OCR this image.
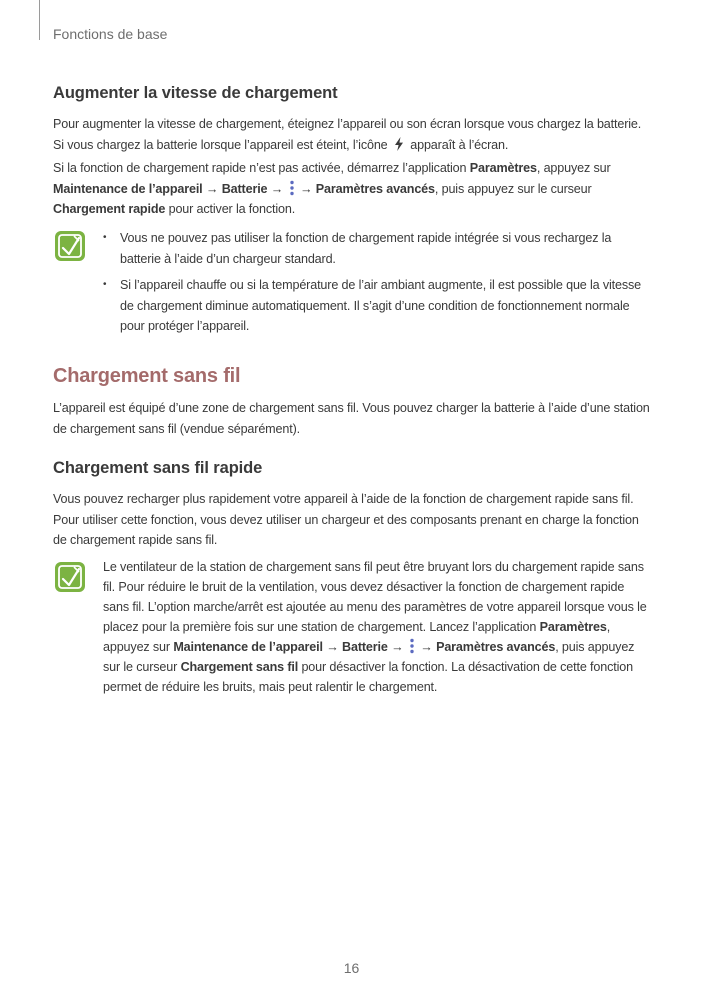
Fonctions de base
Augmenter la vitesse de chargement
Pour augmenter la vitesse de chargement, éteignez l’appareil ou son écran lorsque vous chargez la batterie. Si vous chargez la batterie lorsque l’appareil est éteint, l’icône apparaît à l’écran.
Si la fonction de chargement rapide n’est pas activée, démarrez l’application Paramètres, appuyez sur Maintenance de l’appareil → Batterie → → Paramètres avancés, puis appuyez sur le curseur Chargement rapide pour activer la fonction.
• Vous ne pouvez pas utiliser la fonction de chargement rapide intégrée si vous rechargez la batterie à l’aide d’un chargeur standard.
• Si l’appareil chauffe ou si la température de l’air ambiant augmente, il est possible que la vitesse de chargement diminue automatiquement. Il s’agit d’une condition de fonctionnement normale pour protéger l’appareil.
Chargement sans fil
L’appareil est équipé d’une zone de chargement sans fil. Vous pouvez charger la batterie à l’aide d’une station de chargement sans fil (vendue séparément).
Chargement sans fil rapide
Vous pouvez recharger plus rapidement votre appareil à l’aide de la fonction de chargement rapide sans fil. Pour utiliser cette fonction, vous devez utiliser un chargeur et des composants prenant en charge la fonction de chargement rapide sans fil.
Le ventilateur de la station de chargement sans fil peut être bruyant lors du chargement rapide sans fil. Pour réduire le bruit de la ventilation, vous devez désactiver la fonction de chargement rapide sans fil. L’option marche/arrêt est ajoutée au menu des paramètres de votre appareil lorsque vous le placez pour la première fois sur une station de chargement. Lancez l’application Paramètres, appuyez sur Maintenance de l’appareil → Batterie → → Paramètres avancés, puis appuyez sur le curseur Chargement sans fil pour désactiver la fonction. La désactivation de cette fonction permet de réduire les bruits, mais peut ralentir le chargement.
16
